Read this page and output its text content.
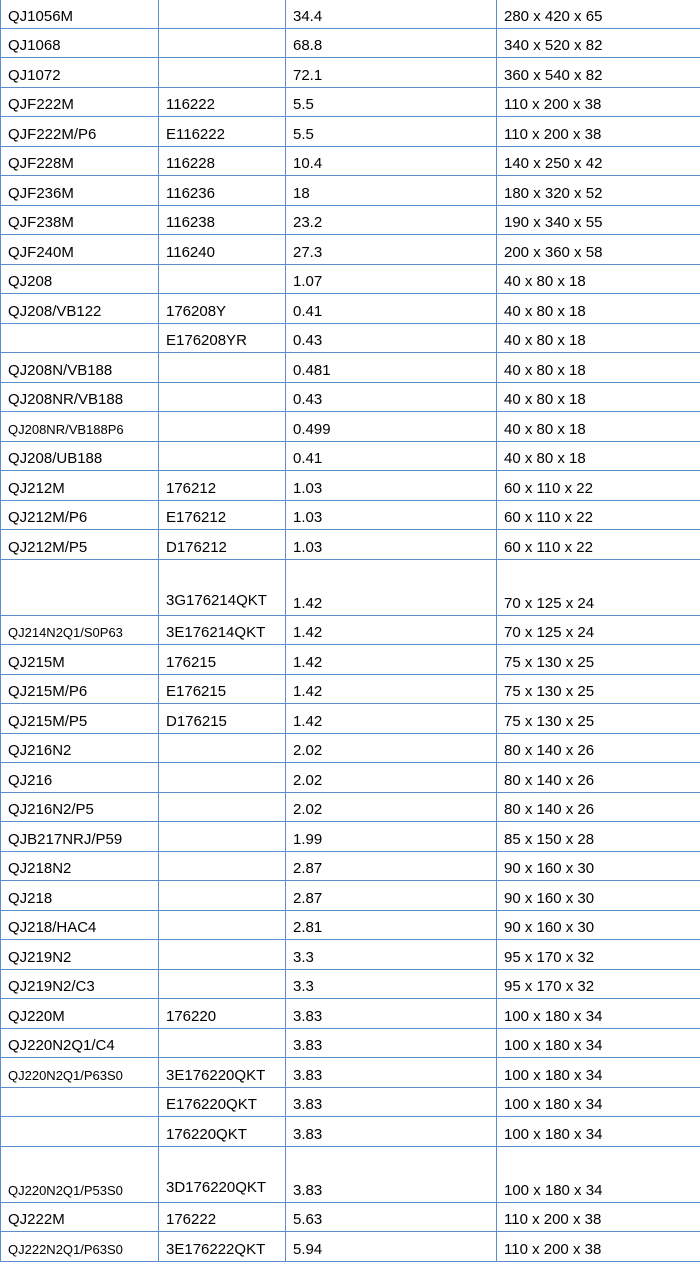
QJ1056M		34.4	280 x 420 x 65
QJ1068		68.8	340 x 520 x 82
QJ1072		72.1	360 x 540 x 82
QJF222M	116222	5.5	110 x 200 x 38
QJF222M/P6	E116222	5.5	110 x 200 x 38
QJF228M	116228	10.4	140 x 250 x 42
QJF236M	116236	18	180 x 320 x 52
QJF238M	116238	23.2	190 x 340 x 55
QJF240M	116240	27.3	200 x 360 x 58
QJ208		1.07	40 x 80 x 18
QJ208/VB122	176208Y	0.41	40 x 80 x 18
	E176208YR	0.43	40 x 80 x 18
QJ208N/VB188		0.481	40 x 80 x 18
QJ208NR/VB188		0.43	40 x 80 x 18
QJ208NR/VB188P6		0.499	40 x 80 x 18
QJ208/UB188		0.41	40 x 80 x 18
QJ212M	176212	1.03	60 x 110 x 22
QJ212M/P6	E176212	1.03	60 x 110 x 22
QJ212M/P5	D176212	1.03	60 x 110 x 22
	3G176214QKT	1.42	70 x 125 x 24
QJ214N2Q1/S0P63	3E176214QKT	1.42	70 x 125 x 24
QJ215M	176215	1.42	75 x 130 x 25
QJ215M/P6	E176215	1.42	75 x 130 x 25
QJ215M/P5	D176215	1.42	75 x 130 x 25
QJ216N2		2.02	80 x 140 x 26
QJ216		2.02	80 x 140 x 26
QJ216N2/P5		2.02	80 x 140 x 26
QJB217NRJ/P59		1.99	85 x 150 x 28
QJ218N2		2.87	90 x 160 x 30
QJ218		2.87	90 x 160 x 30
QJ218/HAC4		2.81	90 x 160 x 30
QJ219N2		3.3	95 x 170 x 32
QJ219N2/C3		3.3	95 x 170 x 32
QJ220M	176220	3.83	100 x 180 x 34
QJ220N2Q1/C4		3.83	100 x 180 x 34
QJ220N2Q1/P63S0	3E176220QKT	3.83	100 x 180 x 34
	E176220QKT	3.83	100 x 180 x 34
	176220QKT	3.83	100 x 180 x 34
QJ220N2Q1/P53S0	3D176220QKT	3.83	100 x 180 x 34
QJ222M	176222	5.63	110 x 200 x 38
QJ222N2Q1/P63S0	3E176222QKT	5.94	110 x 200 x 38
